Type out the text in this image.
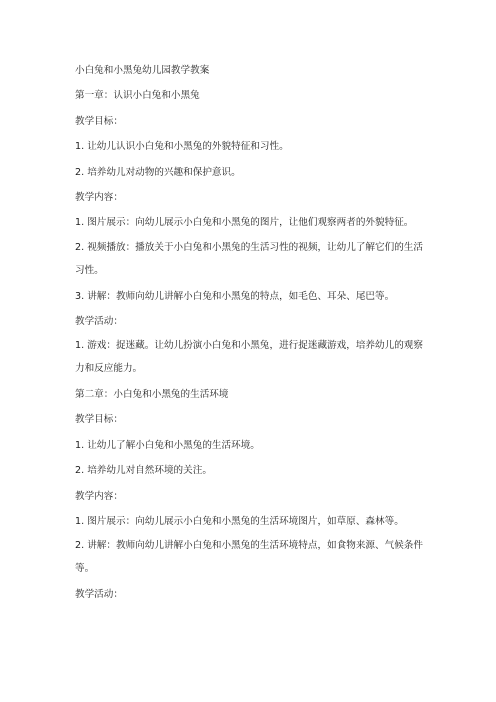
小白兔和小黑兔幼儿园教学教案

第一章：认识小白兔和小黑兔

教学目标：

1. 让幼儿认识小白兔和小黑兔的外貌特征和习性。

2. 培养幼儿对动物的兴趣和保护意识。

教学内容：

1. 图片展示：向幼儿展示小白兔和小黑兔的图片，让他们观察两者的外貌特征。

2. 视频播放：播放关于小白兔和小黑兔的生活习性的视频，让幼儿了解它们的生活习性。

3. 讲解：教师向幼儿讲解小白兔和小黑兔的特点，如毛色、耳朵、尾巴等。

教学活动：

1. 游戏：捉迷藏。让幼儿扮演小白兔和小黑兔，进行捉迷藏游戏，培养幼儿的观察力和反应能力。

第二章：小白兔和小黑兔的生活环境

教学目标：

1. 让幼儿了解小白兔和小黑兔的生活环境。

2. 培养幼儿对自然环境的关注。

教学内容：

1. 图片展示：向幼儿展示小白兔和小黑兔的生活环境图片，如草原、森林等。

2. 讲解：教师向幼儿讲解小白兔和小黑兔的生活环境特点，如食物来源、气候条件等。

教学活动：
